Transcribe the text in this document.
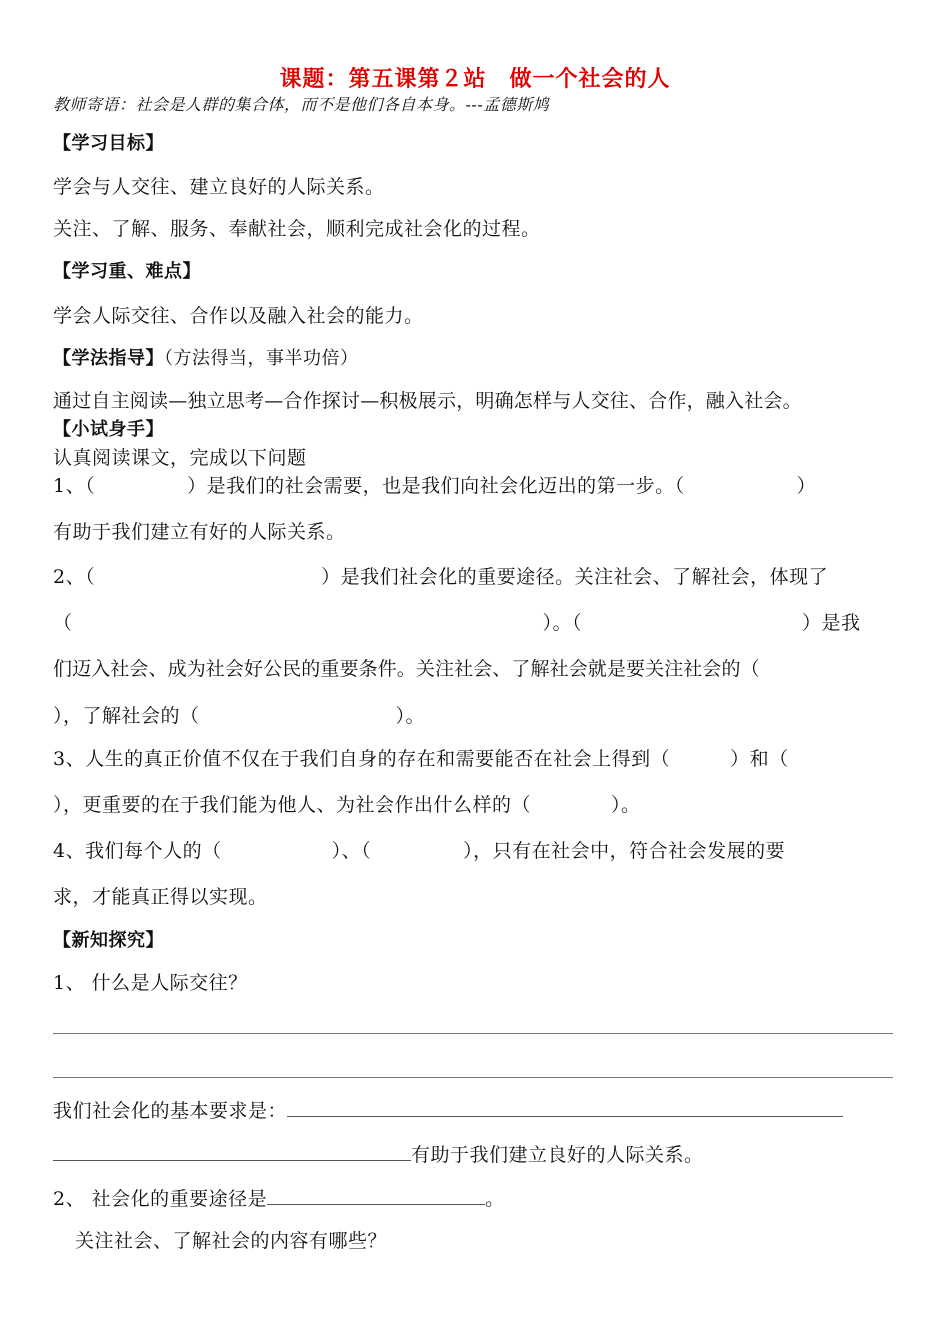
课题：第五课第２站　做一个社会的人
教师寄语：社会是人群的集合体，而不是他们各自本身。---孟德斯鸠
【学习目标】
学会与人交往、建立良好的人际关系。
关注、了解、服务、奉献社会，顺利完成社会化的过程。
【学习重、难点】
学会人际交往、合作以及融入社会的能力。
【学法指导】（方法得当，事半功倍）
通过自主阅读—独立思考—合作探讨—积极展示，明确怎样与人交往、合作，融入社会。
【小试身手】
认真阅读课文，完成以下问题
1、（	）是我们的社会需要，也是我们向社会化迈出的第一步。（	）
有助于我们建立有好的人际关系。
2、（	）是我们社会化的重要途径。关注社会、了解社会，体现了
（	）。（	）是我
们迈入社会、成为社会好公民的重要条件。关注社会、了解社会就是要关注社会的（
），了解社会的（	）。
3、人生的真正价值不仅在于我们自身的存在和需要能否在社会上得到（	）和（
），更重要的在于我们能为他人、为社会作出什么样的（	）。
4、我们每个人的（	）、（	），只有在社会中，符合社会发展的要
求，才能真正得以实现。
【新知探究】
1、 什么是人际交往？
我们社会化的基本要求是：
有助于我们建立良好的人际关系。
2、 社会化的重要途径是	。
关注社会、了解社会的内容有哪些？
